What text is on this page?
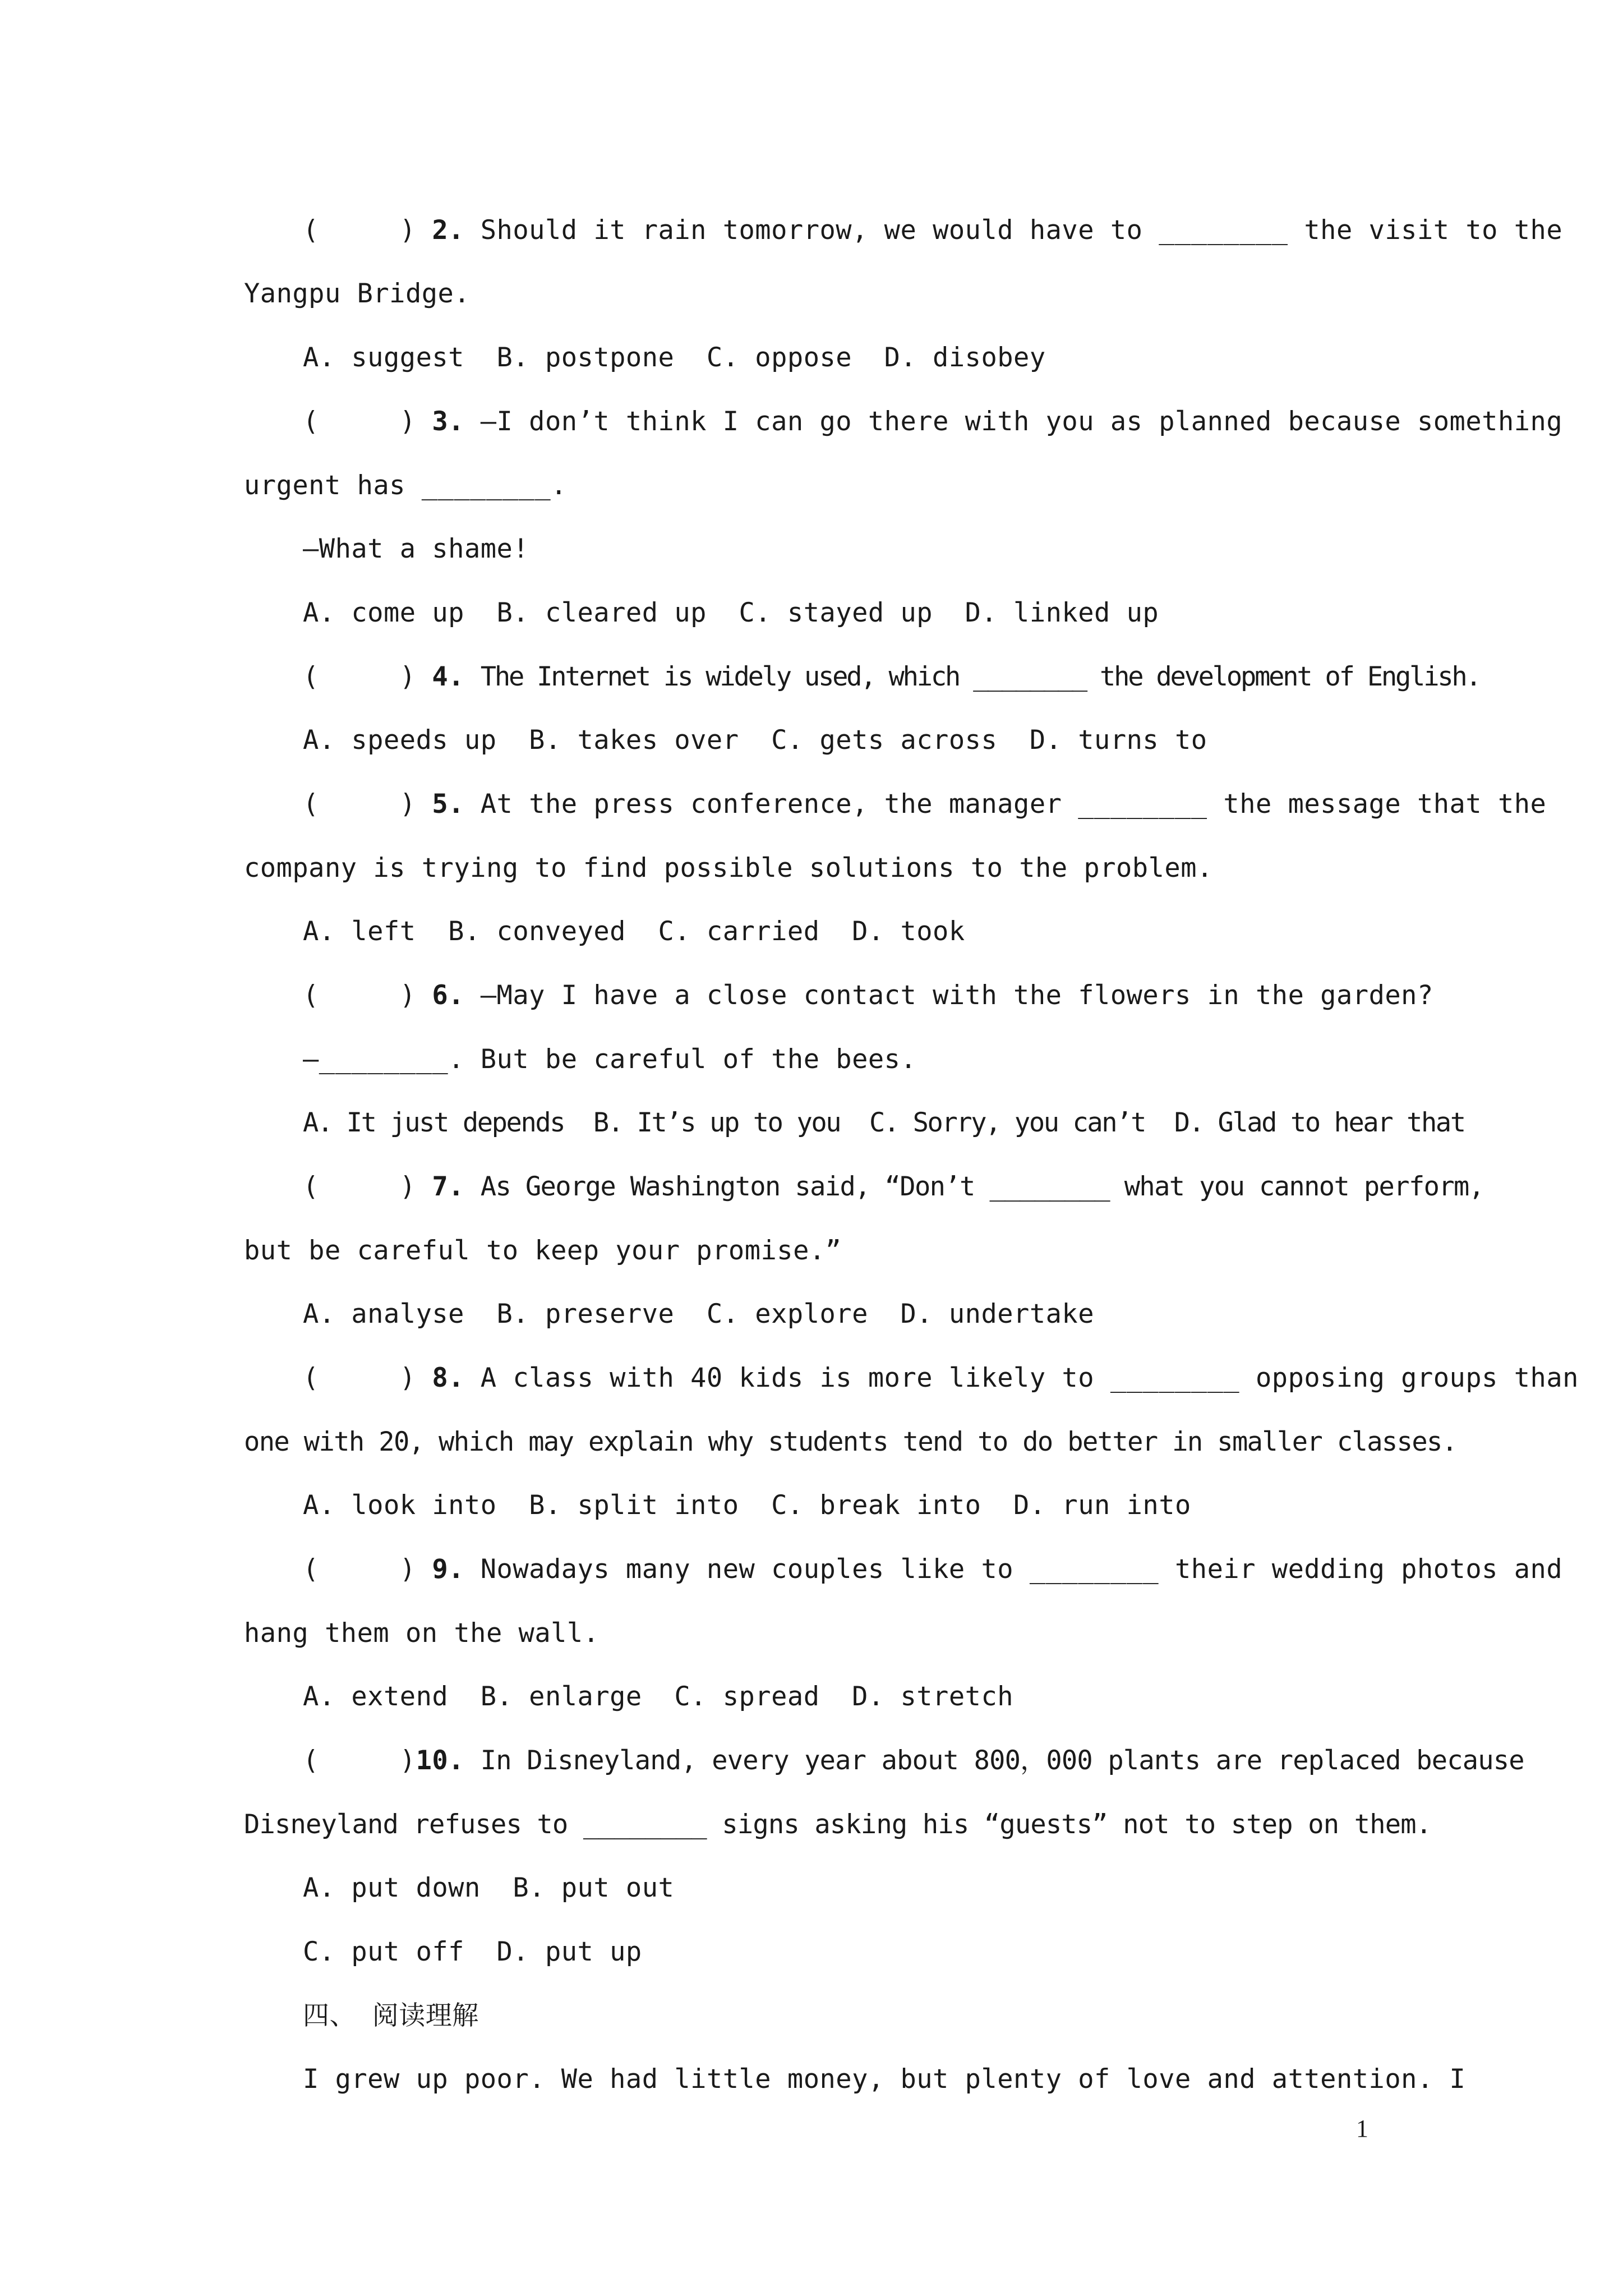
(     ) 2. Should it rain tomorrow, we would have to ________ the visit to the
Yangpu Bridge.
A. suggest  B. postpone  C. oppose  D. disobey
(     ) 3. —I don’t think I can go there with you as planned because something
urgent has ________.
—What a shame!
A. come up  B. cleared up  C. stayed up  D. linked up
(     ) 4. The Internet is widely used, which ________ the development of English.
A. speeds up  B. takes over  C. gets across  D. turns to
(     ) 5. At the press conference, the manager ________ the message that the
company is trying to find possible solutions to the problem.
A. left  B. conveyed  C. carried  D. took
(     ) 6. —May I have a close contact with the flowers in the garden?
—________. But be careful of the bees.
A. It just depends  B. It’s up to you  C. Sorry, you can’t  D. Glad to hear that
(     ) 7. As George Washington said, “Don’t ________ what you cannot perform,
but be careful to keep your promise.”
A. analyse  B. preserve  C. explore  D. undertake
(     ) 8. A class with 40 kids is more likely to ________ opposing groups than
one with 20, which may explain why students tend to do better in smaller classes.
A. look into  B. split into  C. break into  D. run into
(     ) 9. Nowadays many new couples like to ________ their wedding photos and
hang them on the wall.
A. extend  B. enlarge  C. spread  D. stretch
(     )10. In Disneyland, every year about 800，000 plants are replaced because
Disneyland refuses to ________ signs asking his “guests” not to step on them.
A. put down  B. put out
C. put off  D. put up
四、 阅读理解
I grew up poor. We had little money, but plenty of love and attention. I
1
